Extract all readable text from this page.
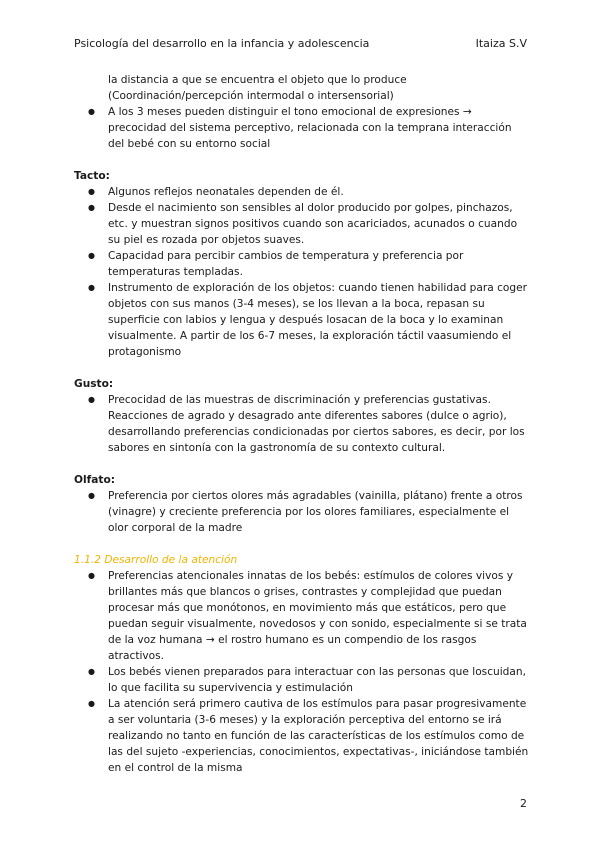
Psicología del desarrollo en la infancia y adolescencia	Itaiza S.V
la distancia a que se encuentra el objeto que lo produce (Coordinación/percepción intermodal o intersensorial)
● A los 3 meses pueden distinguir el tono emocional de expresiones → precocidad del sistema perceptivo, relacionada con la temprana interacción del bebé con su entorno social
Tacto:
● Algunos reflejos neonatales dependen de él.
● Desde el nacimiento son sensibles al dolor producido por golpes, pinchazos, etc. y muestran signos positivos cuando son acariciados, acunados o cuando su piel es rozada por objetos suaves.
● Capacidad para percibir cambios de temperatura y preferencia por temperaturas templadas.
● Instrumento de exploración de los objetos: cuando tienen habilidad para coger objetos con sus manos (3-4 meses), se los llevan a la boca, repasan su superficie con labios y lengua y después losacan de la boca y lo examinan visualmente. A partir de los 6-7 meses, la exploración táctil vaasumiendo el protagonismo
Gusto:
● Precocidad de las muestras de discriminación y preferencias gustativas. Reacciones de agrado y desagrado ante diferentes sabores (dulce o agrio), desarrollando preferencias condicionadas por ciertos sabores, es decir, por los sabores en sintonía con la gastronomía de su contexto cultural.
Olfato:
● Preferencia por ciertos olores más agradables (vainilla, plátano) frente a otros (vinagre) y creciente preferencia por los olores familiares, especialmente el olor corporal de la madre
1.1.2 Desarrollo de la atención
● Preferencias atencionales innatas de los bebés: estímulos de colores vivos y brillantes más que blancos o grises, contrastes y complejidad que puedan procesar más que monótonos, en movimiento más que estáticos, pero que puedan seguir visualmente, novedosos y con sonido, especialmente si se trata de la voz humana → el rostro humano es un compendio de los rasgos atractivos.
● Los bebés vienen preparados para interactuar con las personas que loscuidan, lo que facilita su supervivencia y estimulación
● La atención será primero cautiva de los estímulos para pasar progresivamente a ser voluntaria (3-6 meses) y la exploración perceptiva del entorno se irá realizando no tanto en función de las características de los estímulos como de las del sujeto -experiencias, conocimientos, expectativas-, iniciándose también en el control de la misma
2
